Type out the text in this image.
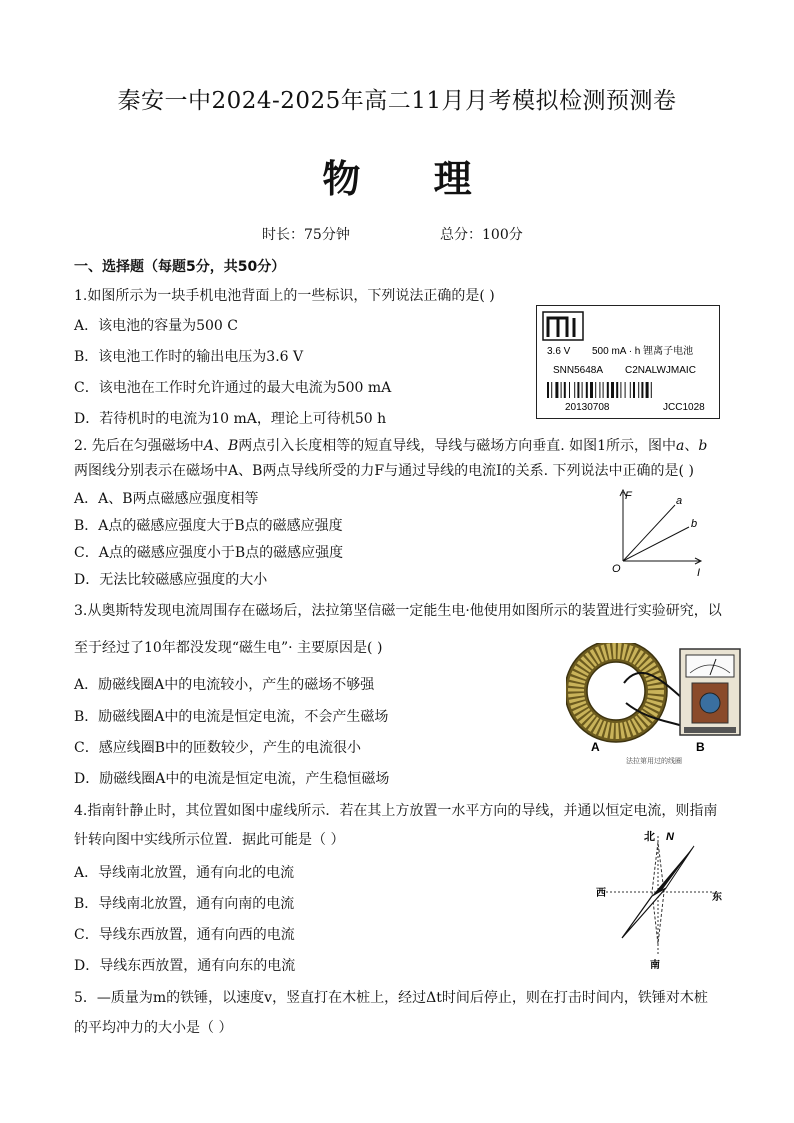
秦安一中2024-2025年高二11月月考模拟检测预测卷
物 理
时长：75分钟	总分：100分
一、选择题（每题5分，共50分）
1.如图所示为一块手机电池背面上的一些标识，下列说法正确的是( )
A．该电池的容量为500 C
B．该电池工作时的输出电压为3.6 V
C．该电池在工作时允许通过的最大电流为500 mA
D．若待机时的电流为10 mA，理论上可待机50 h
3.6 V 500 mA · h 锂离子电池
SNN5648A C2NALWJMAIC
20130708	JCC1028
2. 先后在匀强磁场中A、B两点引入长度相等的短直导线，导线与磁场方向垂直. 如图1所示，图中a、b
两图线分别表示在磁场中A、B两点导线所受的力F与通过导线的电流I的关系. 下列说法中正确的是( )
A．A、B两点磁感应强度相等
B．A点的磁感应强度大于B点的磁感应强度
C．A点的磁感应强度小于B点的磁感应强度
D．无法比较磁感应强度的大小
F
I
O
a
b
3.从奥斯特发现电流周围存在磁场后，法拉第坚信磁一定能生电·他使用如图所示的装置进行实验研究，以
至于经过了10年都没发现“磁生电”· 主要原因是( )
A．励磁线圈A中的电流较小，产生的磁场不够强
B．励磁线圈A中的电流是恒定电流，不会产生磁场
C．感应线圈B中的匝数较少，产生的电流很小
D．励磁线圈A中的电流是恒定电流，产生稳恒磁场
A	B
法拉第用过的线圈
4.指南针静止时，其位置如图中虚线所示．若在其上方放置一水平方向的导线，并通以恒定电流，则指南
针转向图中实线所示位置．据此可能是（ ）
A．导线南北放置，通有向北的电流
B．导线南北放置，通有向南的电流
C．导线东西放置，通有向西的电流
D．导线东西放置，通有向东的电流
北 N
西	东
南
5．—质量为m的铁锤，以速度v，竖直打在木桩上，经过Δt时间后停止，则在打击时间内，铁锤对木桩
的平均冲力的大小是（ ）
